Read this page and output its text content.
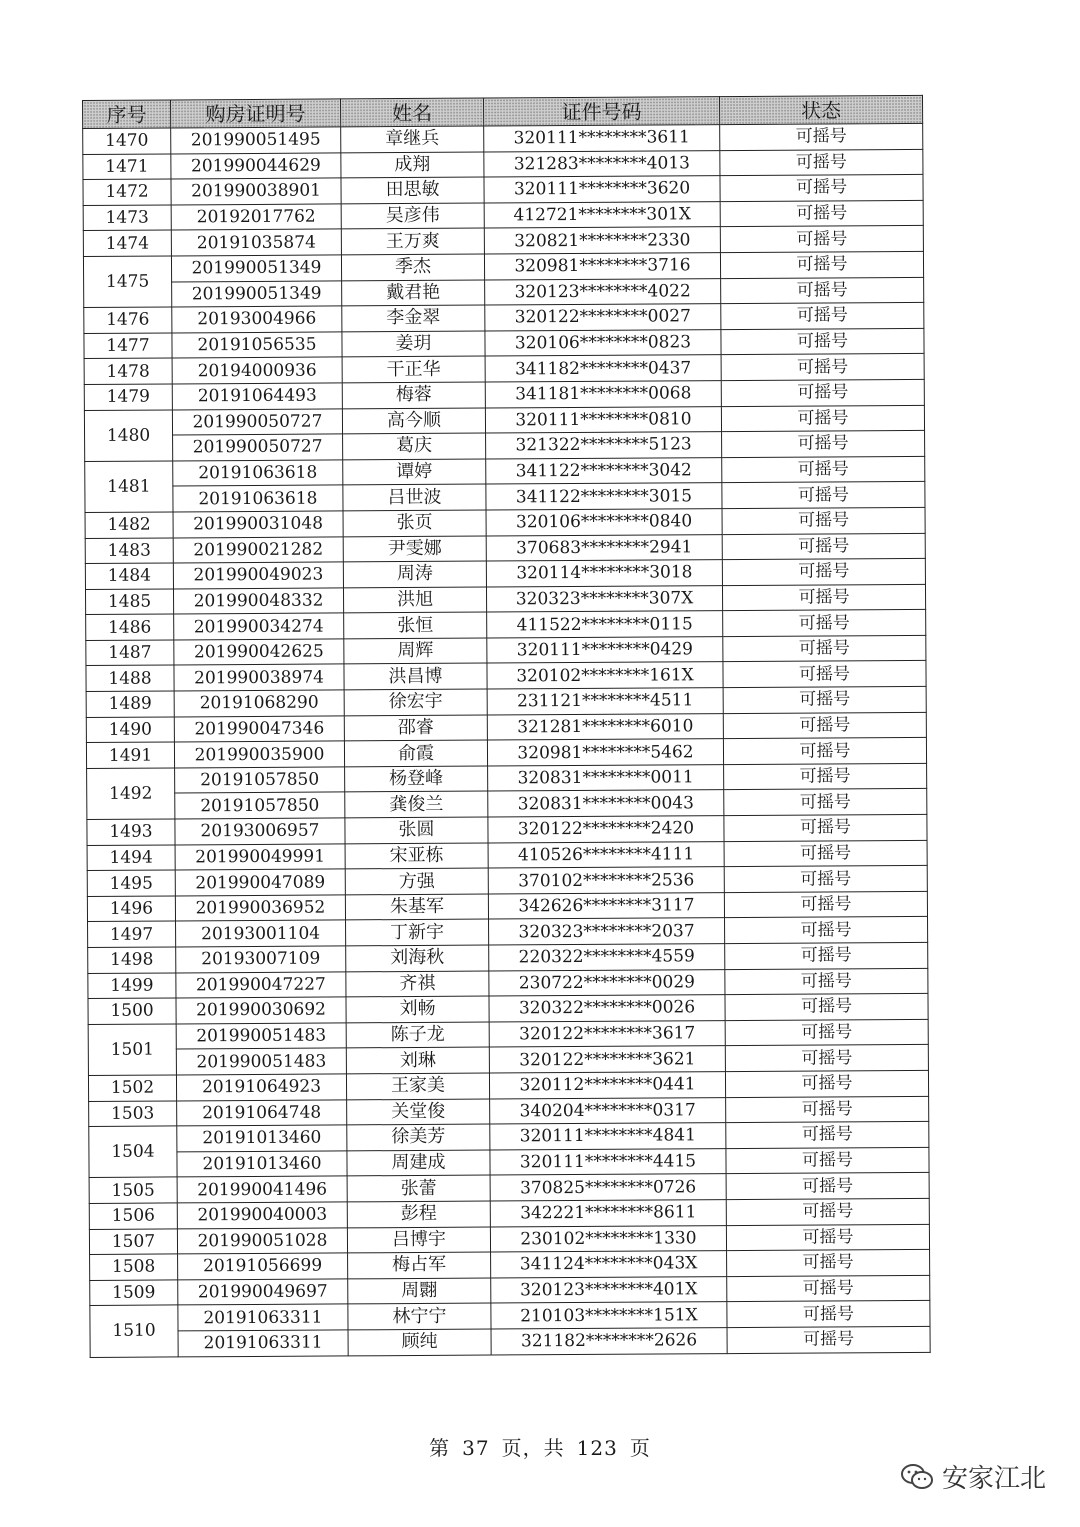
序号	购房证明号	姓名	证件号码	状态
1470	201990051495	章继兵	320111********3611	可摇号
1471	201990044629	成翔	321283********4013	可摇号
1472	201990038901	田思敏	320111********3620	可摇号
1473	20192017762	吴彦伟	412721********301X	可摇号
1474	20191035874	王万爽	320821********2330	可摇号
1475	201990051349	季杰	320981********3716	可摇号
	201990051349	戴君艳	320123********4022	可摇号
1476	20193004966	李金翠	320122********0027	可摇号
1477	20191056535	姜玥	320106********0823	可摇号
1478	20194000936	干正华	341182********0437	可摇号
1479	20191064493	梅蓉	341181********0068	可摇号
1480	201990050727	高今顺	320111********0810	可摇号
	201990050727	葛庆	321322********5123	可摇号
1481	20191063618	谭婷	341122********3042	可摇号
	20191063618	吕世波	341122********3015	可摇号
1482	201990031048	张页	320106********0840	可摇号
1483	201990021282	尹雯娜	370683********2941	可摇号
1484	201990049023	周涛	320114********3018	可摇号
1485	201990048332	洪旭	320323********307X	可摇号
1486	201990034274	张恒	411522********0115	可摇号
1487	201990042625	周辉	320111********0429	可摇号
1488	201990038974	洪昌博	320102********161X	可摇号
1489	20191068290	徐宏宇	231121********4511	可摇号
1490	201990047346	邵睿	321281********6010	可摇号
1491	201990035900	俞霞	320981********5462	可摇号
1492	20191057850	杨登峰	320831********0011	可摇号
	20191057850	龚俊兰	320831********0043	可摇号
1493	20193006957	张圆	320122********2420	可摇号
1494	201990049991	宋亚栋	410526********4111	可摇号
1495	201990047089	方强	370102********2536	可摇号
1496	201990036952	朱基军	342626********3117	可摇号
1497	20193001104	丁新宇	320323********2037	可摇号
1498	20193007109	刘海秋	220322********4559	可摇号
1499	201990047227	齐祺	230722********0029	可摇号
1500	201990030692	刘畅	320322********0026	可摇号
1501	201990051483	陈子龙	320122********3617	可摇号
	201990051483	刘琳	320122********3621	可摇号
1502	20191064923	王家美	320112********0441	可摇号
1503	20191064748	关堂俊	340204********0317	可摇号
1504	20191013460	徐美芳	320111********4841	可摇号
	20191013460	周建成	320111********4415	可摇号
1505	201990041496	张蕾	370825********0726	可摇号
1506	201990040003	彭程	342221********8611	可摇号
1507	201990051028	吕博宇	230102********1330	可摇号
1508	20191056699	梅占军	341124********043X	可摇号
1509	201990049697	周翾	320123********401X	可摇号
1510	20191063311	林宁宁	210103********151X	可摇号
	20191063311	顾纯	321182********2626	可摇号
第 37 页，共 123 页
安家江北
